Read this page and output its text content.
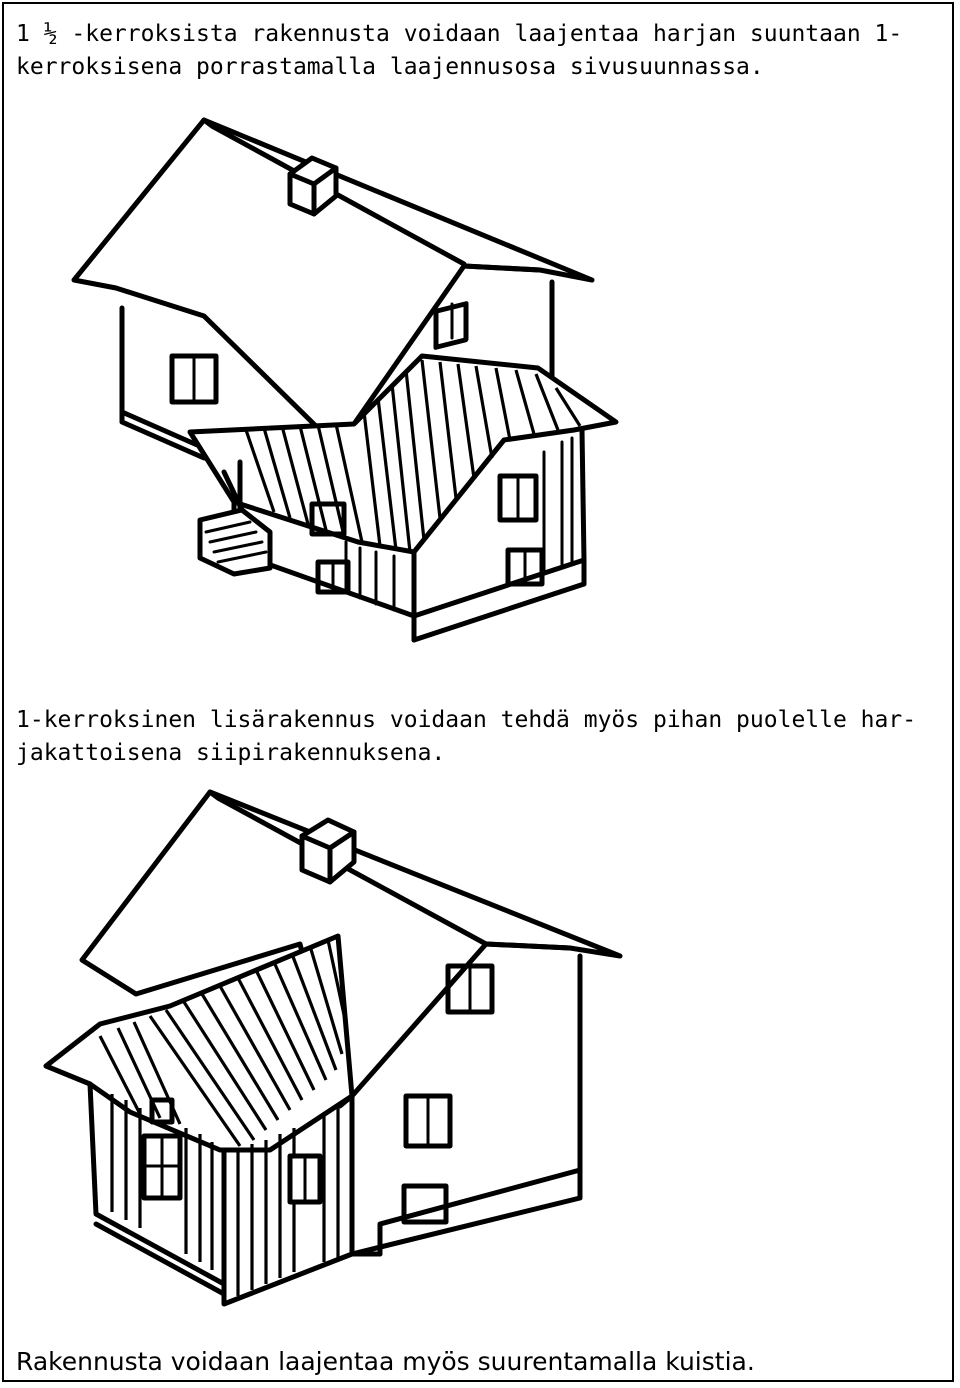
1 ½ -kerroksista rakennusta voidaan laajentaa harjan suuntaan 1-
kerroksisena porrastamalla laajennusosa sivusuunnassa.

1-kerroksinen lisärakennus voidaan tehdä myös pihan puolelle har-
jakattoisena siipirakennuksena.

Rakennusta voidaan laajentaa myös suurentamalla kuistia.
